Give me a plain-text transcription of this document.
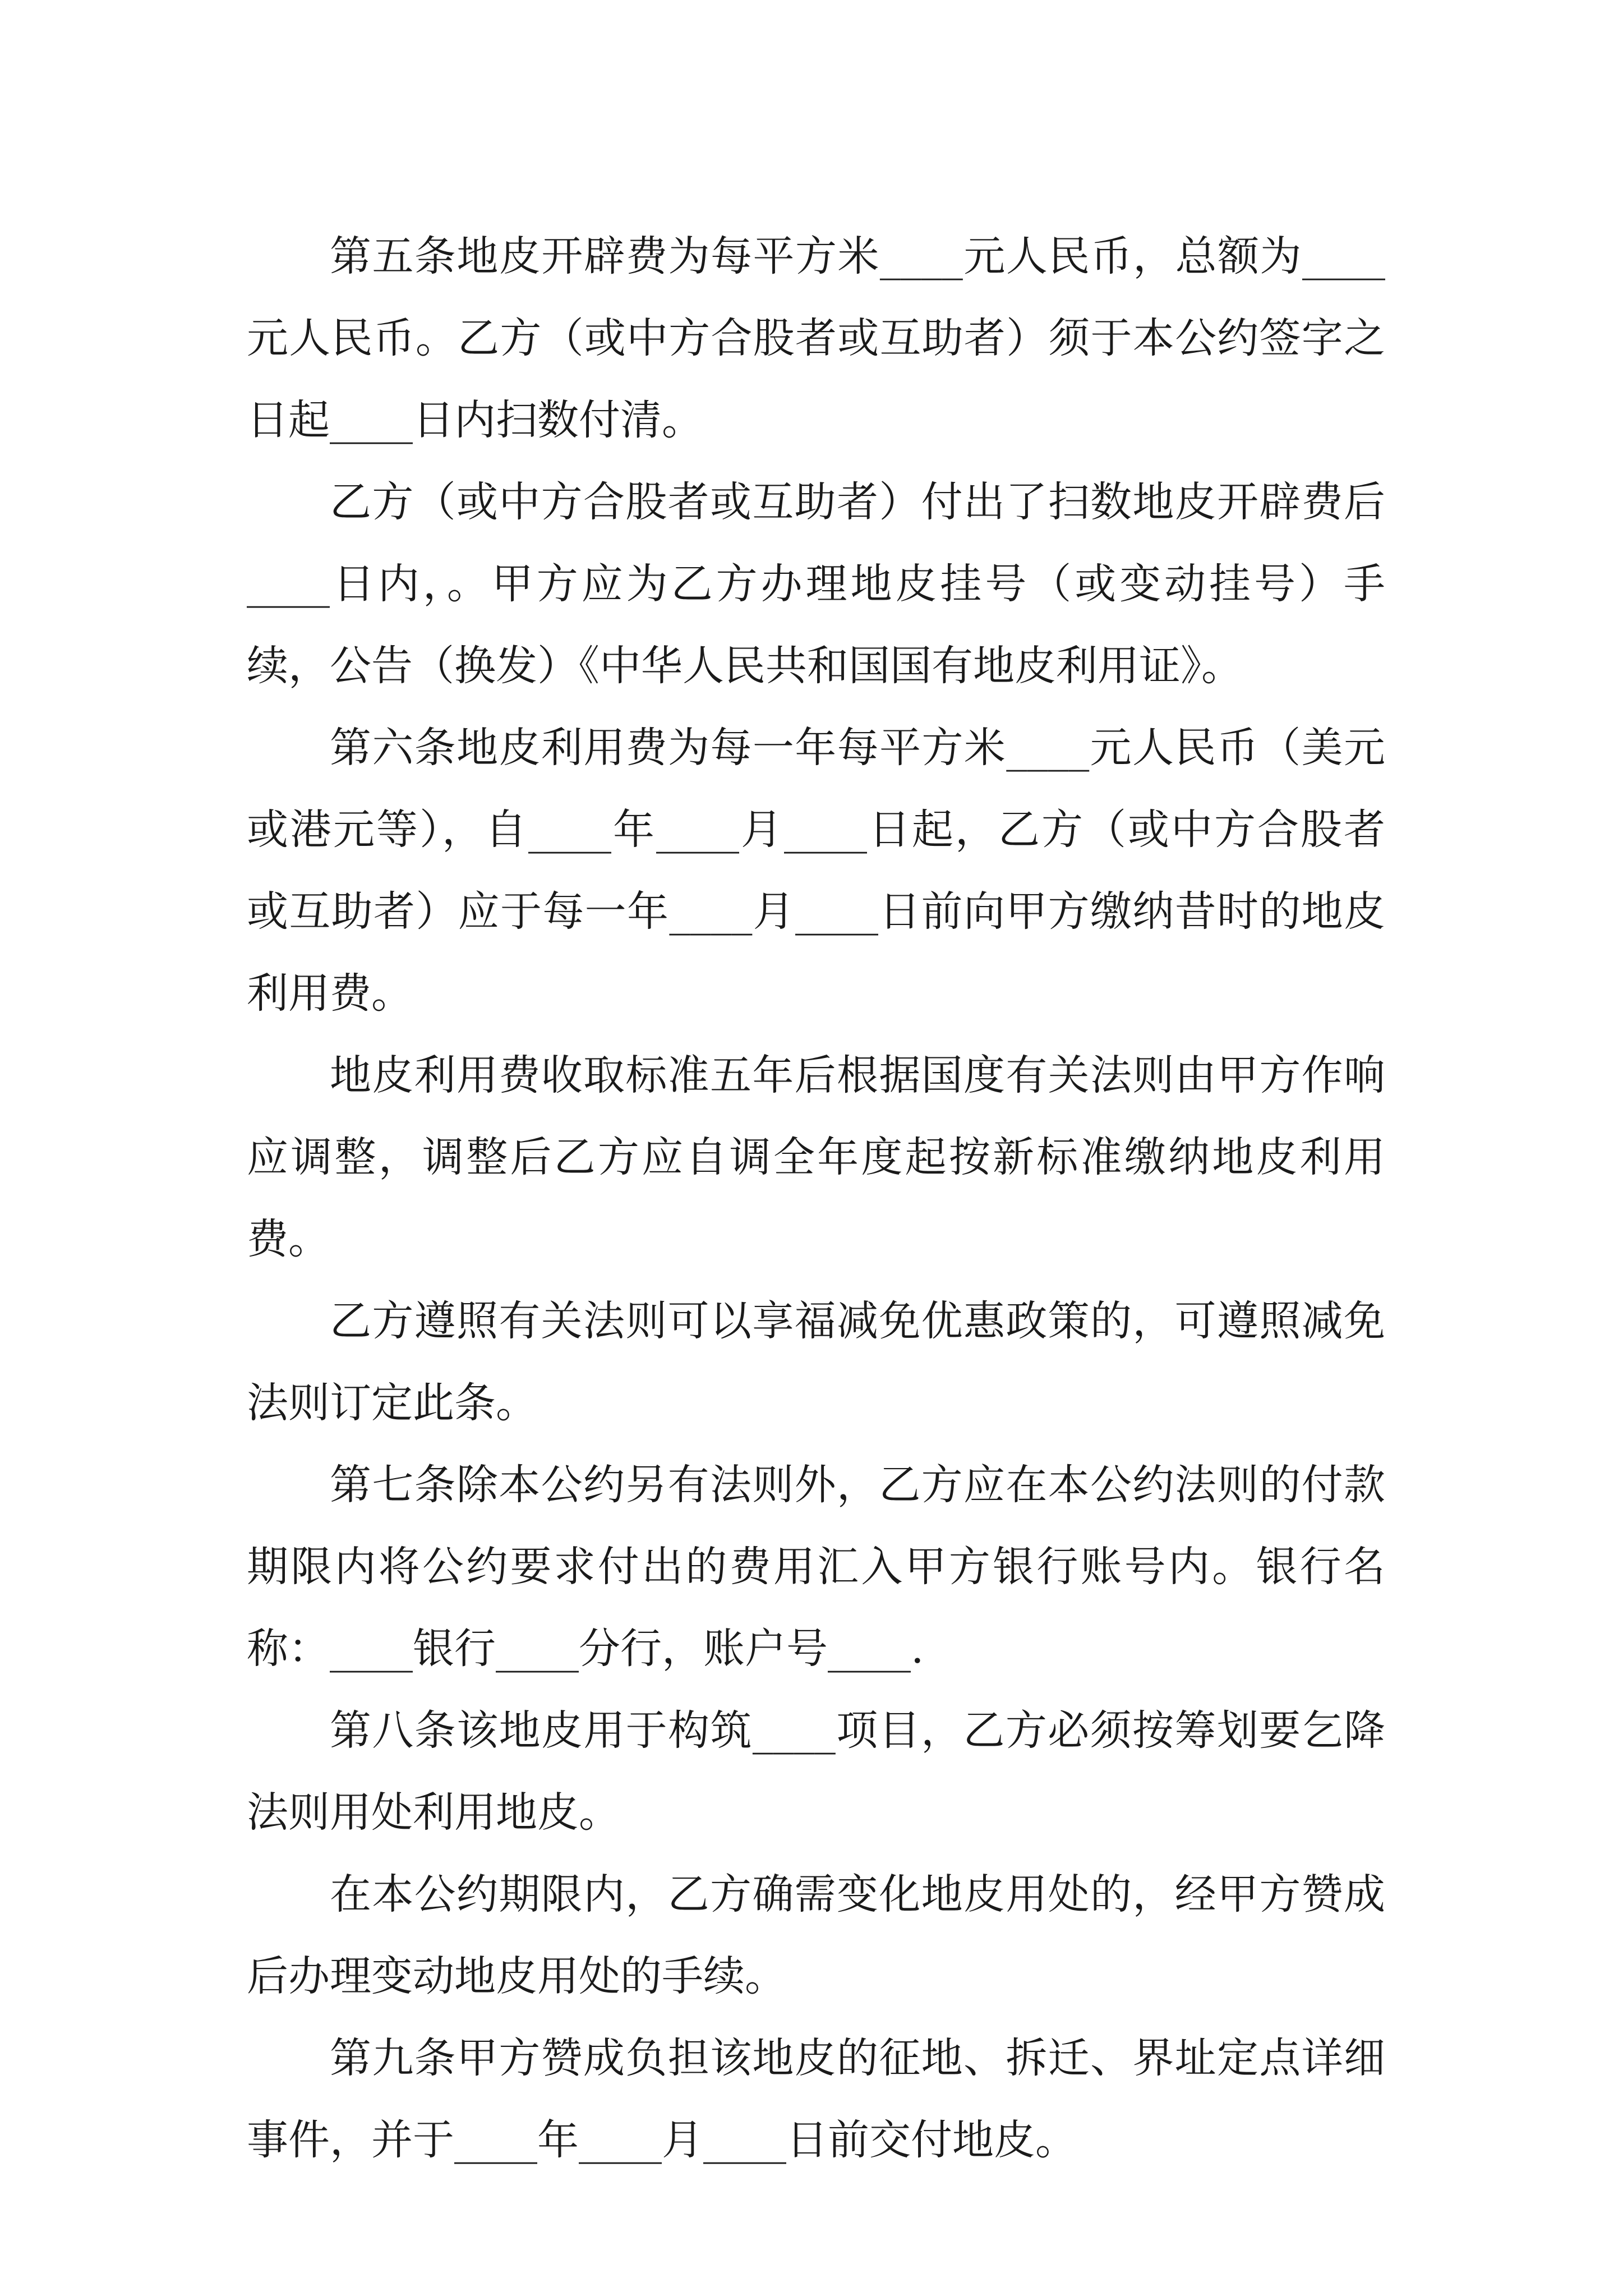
第五条地皮开辟费为每平方米____元人民币，总额为____元人民币。乙方（或中方合股者或互助者）须于本公约签字之日起____日内扫数付清。

乙方（或中方合股者或互助者）付出了扫数地皮开辟费后____日内，。甲方应为乙方办理地皮挂号（或变动挂号）手续，公告（换发）《中华人民共和国国有地皮利用证》。

第六条地皮利用费为每一年每平方米____元人民币（美元或港元等），自____年____月____日起，乙方（或中方合股者或互助者）应于每一年____月____日前向甲方缴纳昔时的地皮利用费。

地皮利用费收取标准五年后根据国度有关法则由甲方作响应调整，调整后乙方应自调全年度起按新标准缴纳地皮利用费。

乙方遵照有关法则可以享福减免优惠政策的，可遵照减免法则订定此条。

第七条除本公约另有法则外，乙方应在本公约法则的付款期限内将公约要求付出的费用汇入甲方银行账号内。银行名称：____银行____分行，账户号____.

第八条该地皮用于构筑____项目，乙方必须按筹划要乞降法则用处利用地皮。

在本公约期限内，乙方确需变化地皮用处的，经甲方赞成后办理变动地皮用处的手续。

第九条甲方赞成负担该地皮的征地、拆迁、界址定点详细事件，并于____年____月____日前交付地皮。
